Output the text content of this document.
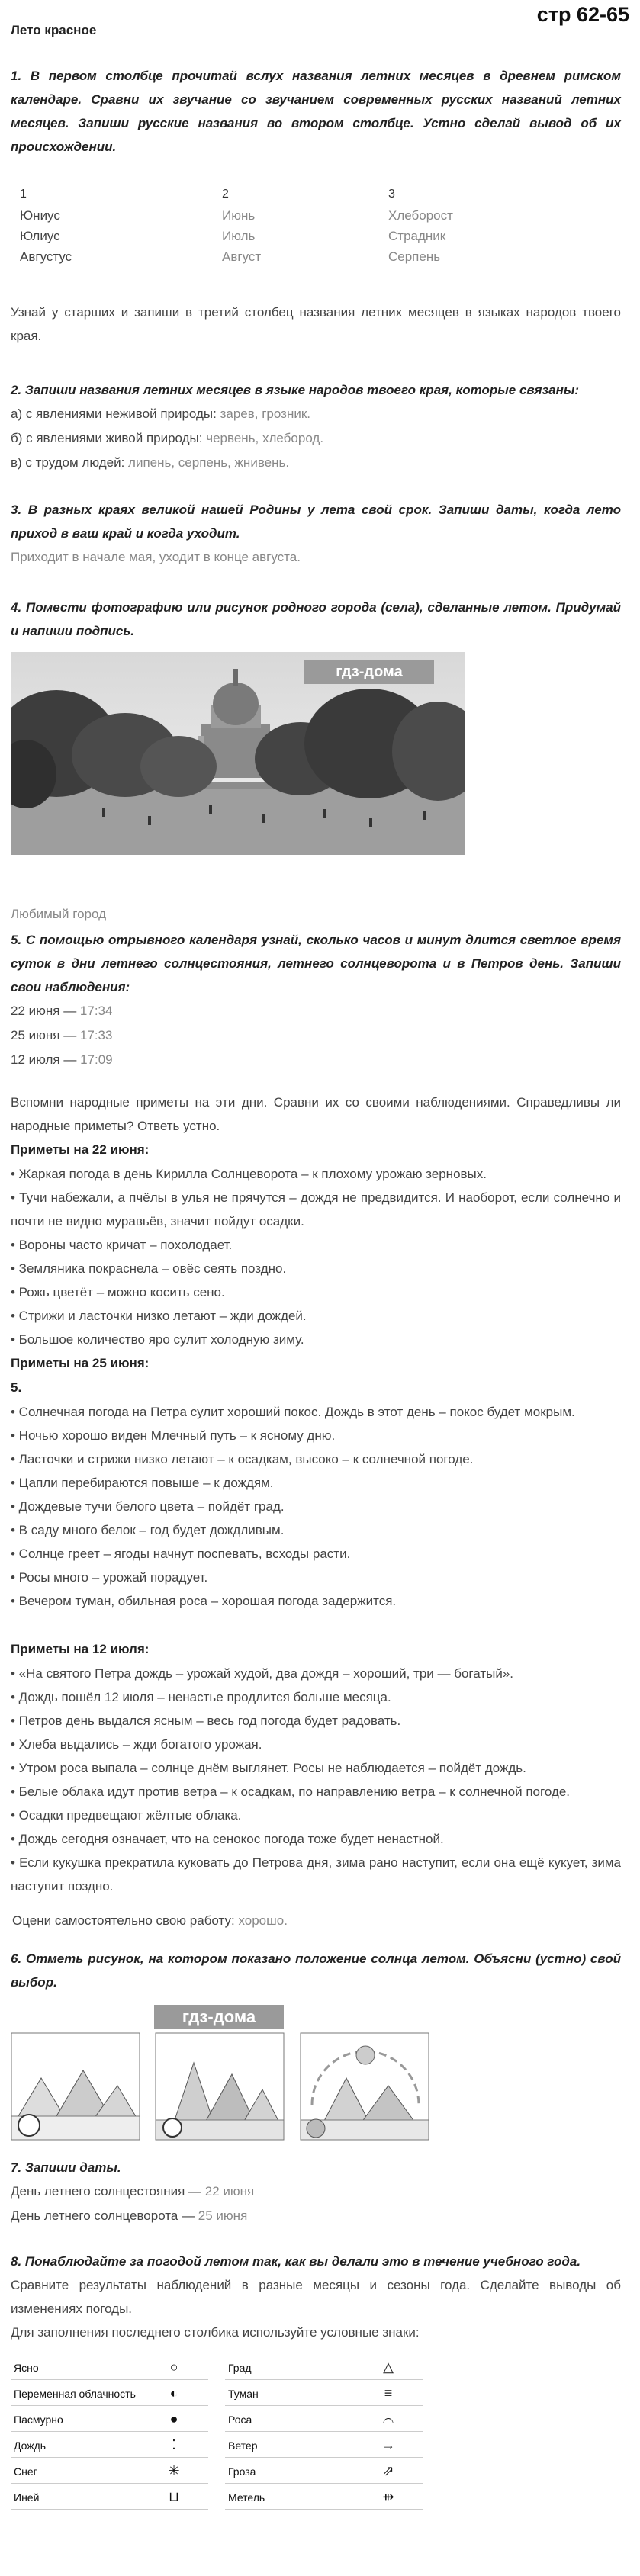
стр 62-65
Лето красное
1. В первом столбце прочитай вслух названия летних месяцев в древнем римском календаре. Сравни их звучание со звучанием современных русских названий летних месяцев. Запиши русские названия во втором столбце. Устно сделай вывод об их происхождении.
1	2	3
Юниус	Июнь	Хлеборост
Юлиус	Июль	Страдник
Августус	Август	Серпень
Узнай у старших и запиши в третий столбец названия летних месяцев в языках народов твоего края.
2. Запиши названия летних месяцев в языке народов твоего края, которые связаны:
а) с явлениями неживой природы: зарев, грозник.
б) с явлениями живой природы: червень, хлебород.
в) с трудом людей: липень, серпень, жнивень.
3. В разных краях великой нашей Родины у лета свой срок. Запиши даты, когда лето приход в ваш край и когда уходит.
Приходит в начале мая, уходит в конце августа.
4. Помести фотографию или рисунок родного города (села), сделанные летом. Придумай и напиши подпись.
гдз-дома
Любимый город
5. С помощью отрывного календаря узнай, сколько часов и минут длится светлое время суток в дни летнего солнцестояния, летнего солнцеворота и в Петров день. Запиши свои наблюдения:
22 июня — 17:34
25 июня — 17:33
12 июля — 17:09
Вспомни народные приметы на эти дни. Сравни их со своими наблюдениями. Справедливы ли народные приметы? Ответь устно.
Приметы на 22 июня:
• Жаркая погода в день Кирилла Солнцеворота – к плохому урожаю зерновых.
• Тучи набежали, а пчёлы в улья не прячутся – дождя не предвидится. И наоборот, если солнечно и почти не видно муравьёв, значит пойдут осадки.
• Вороны часто кричат – похолодает.
• Земляника покраснела – овёс сеять поздно.
• Рожь цветёт – можно косить сено.
• Стрижи и ласточки низко летают – жди дождей.
• Большое количество яро сулит холодную зиму.
Приметы на 25 июня:
5.
• Солнечная погода на Петра сулит хороший покос. Дождь в этот день – покос будет мокрым.
• Ночью хорошо виден Млечный путь – к ясному дню.
• Ласточки и стрижи низко летают – к осадкам, высоко – к солнечной погоде.
• Цапли перебираются повыше – к дождям.
• Дождевые тучи белого цвета – пойдёт град.
• В саду много белок – год будет дождливым.
• Солнце греет – ягоды начнут поспевать, всходы расти.
• Росы много – урожай порадует.
• Вечером туман, обильная роса – хорошая погода задержится.
Приметы на 12 июля:
• «На святого Петра дождь – урожай худой, два дождя – хороший, три — богатый».
• Дождь пошёл 12 июля – ненастье продлится больше месяца.
• Петров день выдался ясным – весь год погода будет радовать.
• Хлеба выдались – жди богатого урожая.
• Утром роса выпала – солнце днём выглянет. Росы не наблюдается – пойдёт дождь.
• Белые облака идут против ветра – к осадкам, по направлению ветра – к солнечной погоде.
• Осадки предвещают жёлтые облака.
• Дождь сегодня означает, что на сенокос погода тоже будет ненастной.
• Если кукушка прекратила куковать до Петрова дня, зима рано наступит, если она ещё кукует, зима наступит поздно.
Оцени самостоятельно свою работу: хорошо.
6. Отметь рисунок, на котором показано положение солнца летом. Объясни (устно) свой выбор.
гдз-дома
7. Запиши даты.
День летнего солнцестояния — 22 июня
День летнего солнцеворота — 25 июня
8. Понаблюдайте за погодой летом так, как вы делали это в течение учебного года.
Сравните результаты наблюдений в разные месяцы и сезоны года. Сделайте выводы об изменениях погоды.
Для заполнения последнего столбика используйте условные знаки:
Ясно	○	Град	△
Переменная облачность	◐	Туман	≡
Пасмурно	●	Роса	⌓
Дождь	⁚	Ветер	→
Снег	✳	Гроза	⇗
Иней	⊔	Метель	⇻
